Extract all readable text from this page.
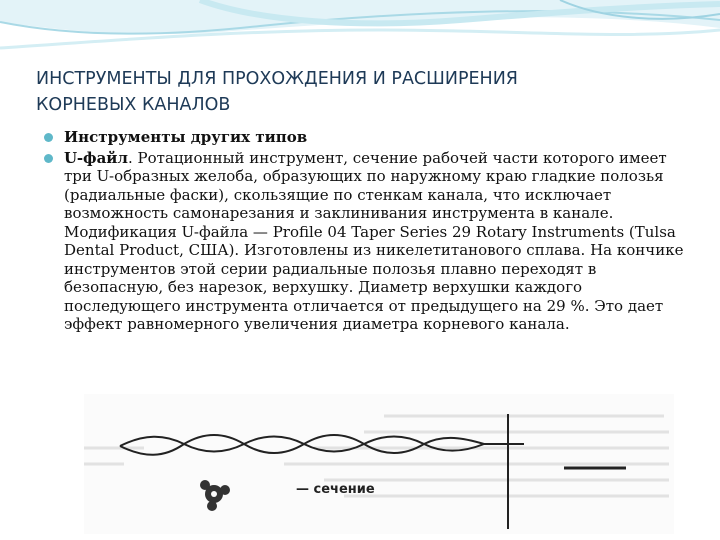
ИНСТРУМЕНТЫ ДЛЯ ПРОХОЖДЕНИЯ И РАСШИРЕНИЯ
КОРНЕВЫХ КАНАЛОВ
Инструменты других типов
U-файл. Ротационный инструмент, сечение рабочей части которого имеет три U-образных желоба, образующих по наружному краю гладкие полозья (радиальные фаски), скользящие по стенкам канала, что исключает возможность самонарезания и заклинивания инструмента в канале. Модификация U-файла — Profile 04 Taper Series 29 Rotary Instruments (Tulsa Dental Product, США). Изготовлены из никелетитанового сплава. На кончике инструментов этой серии радиальные полозья плавно переходят в безопасную, без нарезок, верхушку. Диаметр верхушки каждого последующего инструмента отличается от предыдущего на 29 %. Это дает эффект равномерного увеличения диаметра корневого канала.
— сечение
